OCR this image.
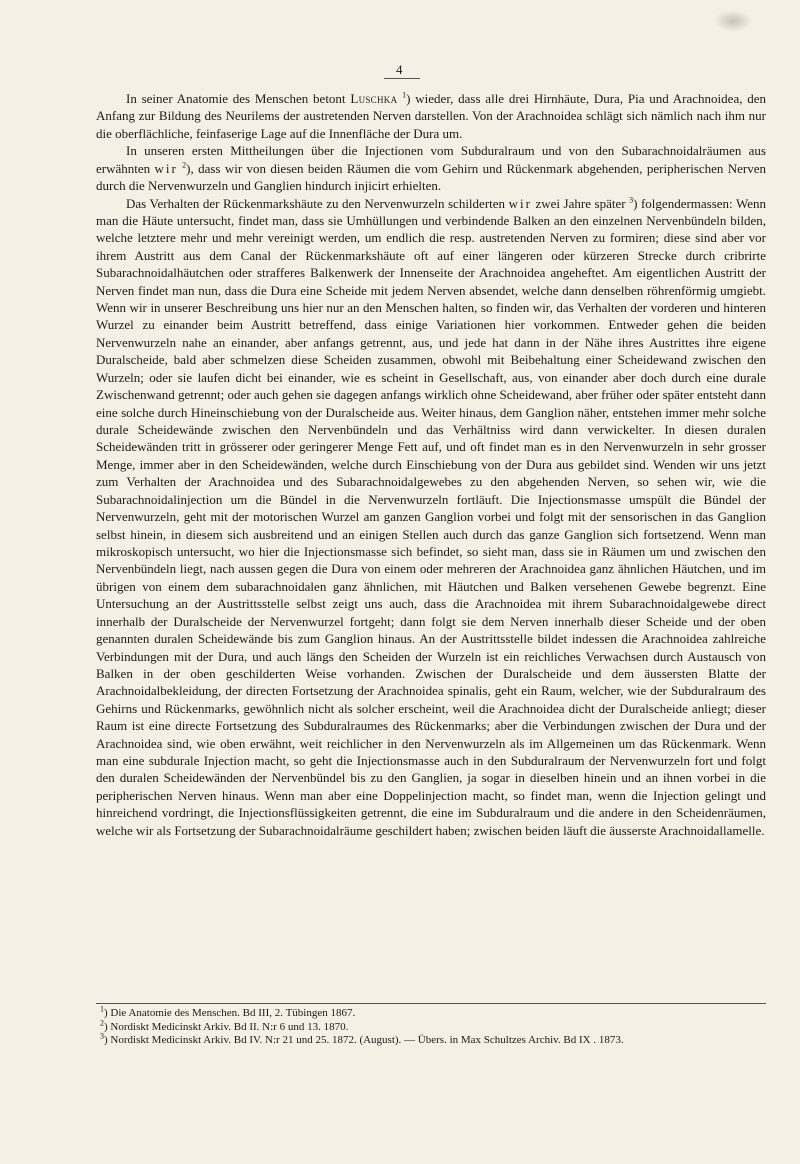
4

In seiner Anatomie des Menschen betont Luschka $^1$) wieder, dass alle drei Hirnhäute, Dura, Pia und Arachnoidea, den Anfang zur Bildung des Neurilems der austretenden Nerven darstellen. Von der Arachnoidea schlägt sich nämlich nach ihm nur die oberflächliche, feinfaserige Lage auf die Innenfläche der Dura um.

In unseren ersten Mittheilungen über die Injectionen vom Subduralraum und von den Subarachnoidalräumen aus erwähnten wir $^2$), dass wir von diesen beiden Räumen die vom Gehirn und Rückenmark abgehenden, peripherischen Nerven durch die Nervenwurzeln und Ganglien hindurch injicirt erhielten.

Das Verhalten der Rückenmarkshäute zu den Nervenwurzeln schilderten wir zwei Jahre später $^3$) folgendermassen: Wenn man die Häute untersucht, findet man, dass sie Umhüllungen und verbindende Balken an den einzelnen Nervenbündeln bilden, welche letztere mehr und mehr vereinigt werden, um endlich die resp. austretenden Nerven zu formiren; diese sind aber vor ihrem Austritt aus dem Canal der Rückenmarkshäute oft auf einer längeren oder kürzeren Strecke durch cribrirte Subarachnoidalhäutchen oder strafferes Balkenwerk der Innenseite der Arachnoidea angeheftet. Am eigentlichen Austritt der Nerven findet man nun, dass die Dura eine Scheide mit jedem Nerven absendet, welche dann denselben röhrenförmig umgiebt. Wenn wir in unserer Beschreibung uns hier nur an den Menschen halten, so finden wir, das Verhalten der vorderen und hinteren Wurzel zu einander beim Austritt betreffend, dass einige Variationen hier vorkommen. Entweder gehen die beiden Nervenwurzeln nahe an einander, aber anfangs getrennt, aus, und jede hat dann in der Nähe ihres Austrittes ihre eigene Duralscheide, bald aber schmelzen diese Scheiden zusammen, obwohl mit Beibehaltung einer Scheidewand zwischen den Wurzeln; oder sie laufen dicht bei einander, wie es scheint in Gesellschaft, aus, von einander aber doch durch eine durale Zwischenwand getrennt; oder auch gehen sie dagegen anfangs wirklich ohne Scheidewand, aber früher oder später entsteht dann eine solche durch Hineinschiebung von der Duralscheide aus. Weiter hinaus, dem Ganglion näher, entstehen immer mehr solche durale Scheidewände zwischen den Nervenbündeln und das Verhältniss wird dann verwickelter. In diesen duralen Scheidewänden tritt in grösserer oder geringerer Menge Fett auf, und oft findet man es in den Nervenwurzeln in sehr grosser Menge, immer aber in den Scheidewänden, welche durch Einschiebung von der Dura aus gebildet sind. Wenden wir uns jetzt zum Verhalten der Arachnoidea und des Subarachnoidalgewebes zu den abgehenden Nerven, so sehen wir, wie die Subarachnoidalinjection um die Bündel in die Nervenwurzeln fortläuft. Die Injectionsmasse umspült die Bündel der Nervenwurzeln, geht mit der motorischen Wurzel am ganzen Ganglion vorbei und folgt mit der sensorischen in das Ganglion selbst hinein, in diesem sich ausbreitend und an einigen Stellen auch durch das ganze Ganglion sich fortsetzend. Wenn man mikroskopisch untersucht, wo hier die Injectionsmasse sich befindet, so sieht man, dass sie in Räumen um und zwischen den Nervenbündeln liegt, nach aussen gegen die Dura von einem oder mehreren der Arachnoidea ganz ähnlichen Häutchen, und im übrigen von einem dem subarachnoidalen ganz ähnlichen, mit Häutchen und Balken versehenen Gewebe begrenzt. Eine Untersuchung an der Austrittsstelle selbst zeigt uns auch, dass die Arachnoidea mit ihrem Subarachnoidalgewebe direct innerhalb der Duralscheide der Nervenwurzel fortgeht; dann folgt sie dem Nerven innerhalb dieser Scheide und der oben genannten duralen Scheidewände bis zum Ganglion hinaus. An der Austrittsstelle bildet indessen die Arachnoidea zahlreiche Verbindungen mit der Dura, und auch längs den Scheiden der Wurzeln ist ein reichliches Verwachsen durch Austausch von Balken in der oben geschilderten Weise vorhanden. Zwischen der Duralscheide und dem äussersten Blatte der Arachnoidalbekleidung, der directen Fortsetzung der Arachnoidea spinalis, geht ein Raum, welcher, wie der Subduralraum des Gehirns und Rückenmarks, gewöhnlich nicht als solcher erscheint, weil die Arachnoidea dicht der Duralscheide anliegt; dieser Raum ist eine directe Fortsetzung des Subduralraumes des Rückenmarks; aber die Verbindungen zwischen der Dura und der Arachnoidea sind, wie oben erwähnt, weit reichlicher in den Nervenwurzeln als im Allgemeinen um das Rückenmark. Wenn man eine subdurale Injection macht, so geht die Injectionsmasse auch in den Subduralraum der Nervenwurzeln fort und folgt den duralen Scheidewänden der Nervenbündel bis zu den Ganglien, ja sogar in dieselben hinein und an ihnen vorbei in die peripherischen Nerven hinaus. Wenn man aber eine Doppelinjection macht, so findet man, wenn die Injection gelingt und hinreichend vordringt, die Injectionsflüssigkeiten getrennt, die eine im Subduralraum und die andere in den Scheidenräumen, welche wir als Fortsetzung der Subarachnoidalräume geschildert haben; zwischen beiden läuft die äusserste Arachnoidallamelle.

$^1$) Die Anatomie des Menschen. Bd III, 2. Tübingen 1867.
$^2$) Nordiskt Medicinskt Arkiv. Bd II. N:r 6 und 13. 1870.
$^3$) Nordiskt Medicinskt Arkiv. Bd IV. N:r 21 und 25. 1872. (August). — Übers. in Max Schultzes Archiv. Bd IX . 1873.
